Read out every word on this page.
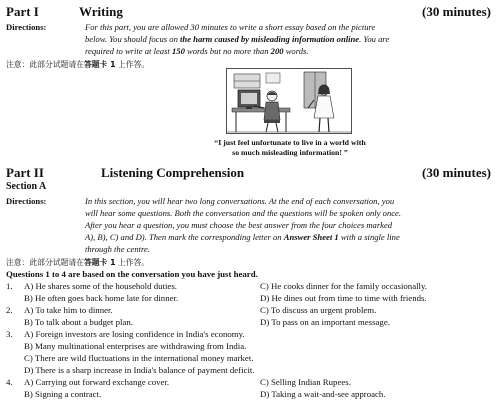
Part I	Writing	(30 minutes)
Directions:	For this part, you are allowed 30 minutes to write a short essay based on the picture
below. You should focus on the harm caused by misleading information online. You are
required to write at least 150 words but no more than 200 words.
注意：此部分试题请在答题卡 1 上作答。
“I just feel unfortunate to live in a world with
so much misleading information! ”
Part II	Listening Comprehension	(30 minutes)
Section A
Directions:	In this section, you will hear two long conversations. At the end of each conversation, you
will hear some questions. Both the conversation and the questions will be spoken only once.
After you hear a question, you must choose the best answer from the four choices marked
A), B), C) and D). Then mark the corresponding letter on Answer Sheet 1 with a single line
through the centre.
注意：此部分试题请在答题卡 1 上作答。
Questions 1 to 4 are based on the conversation you have just heard.
1. A) He shares some of the household duties.
B) He often goes back home late for dinner.
C) He cooks dinner for the family occasionally.
D) He dines out from time to time with friends.
2. A) To take him to dinner.
B) To talk about a budget plan.
C) To discuss an urgent problem.
D) To pass on an important message.
3. A) Foreign investors are losing confidence in India's economy.
B) Many multinational enterprises are withdrawing from India.
C) There are wild fluctuations in the international money market.
D) There is a sharp increase in India's balance of payment deficit.
4. A) Carrying out forward exchange cover.
B) Signing a contract.
C) Selling Indian Rupees.
D) Taking a wait-and-see approach.
